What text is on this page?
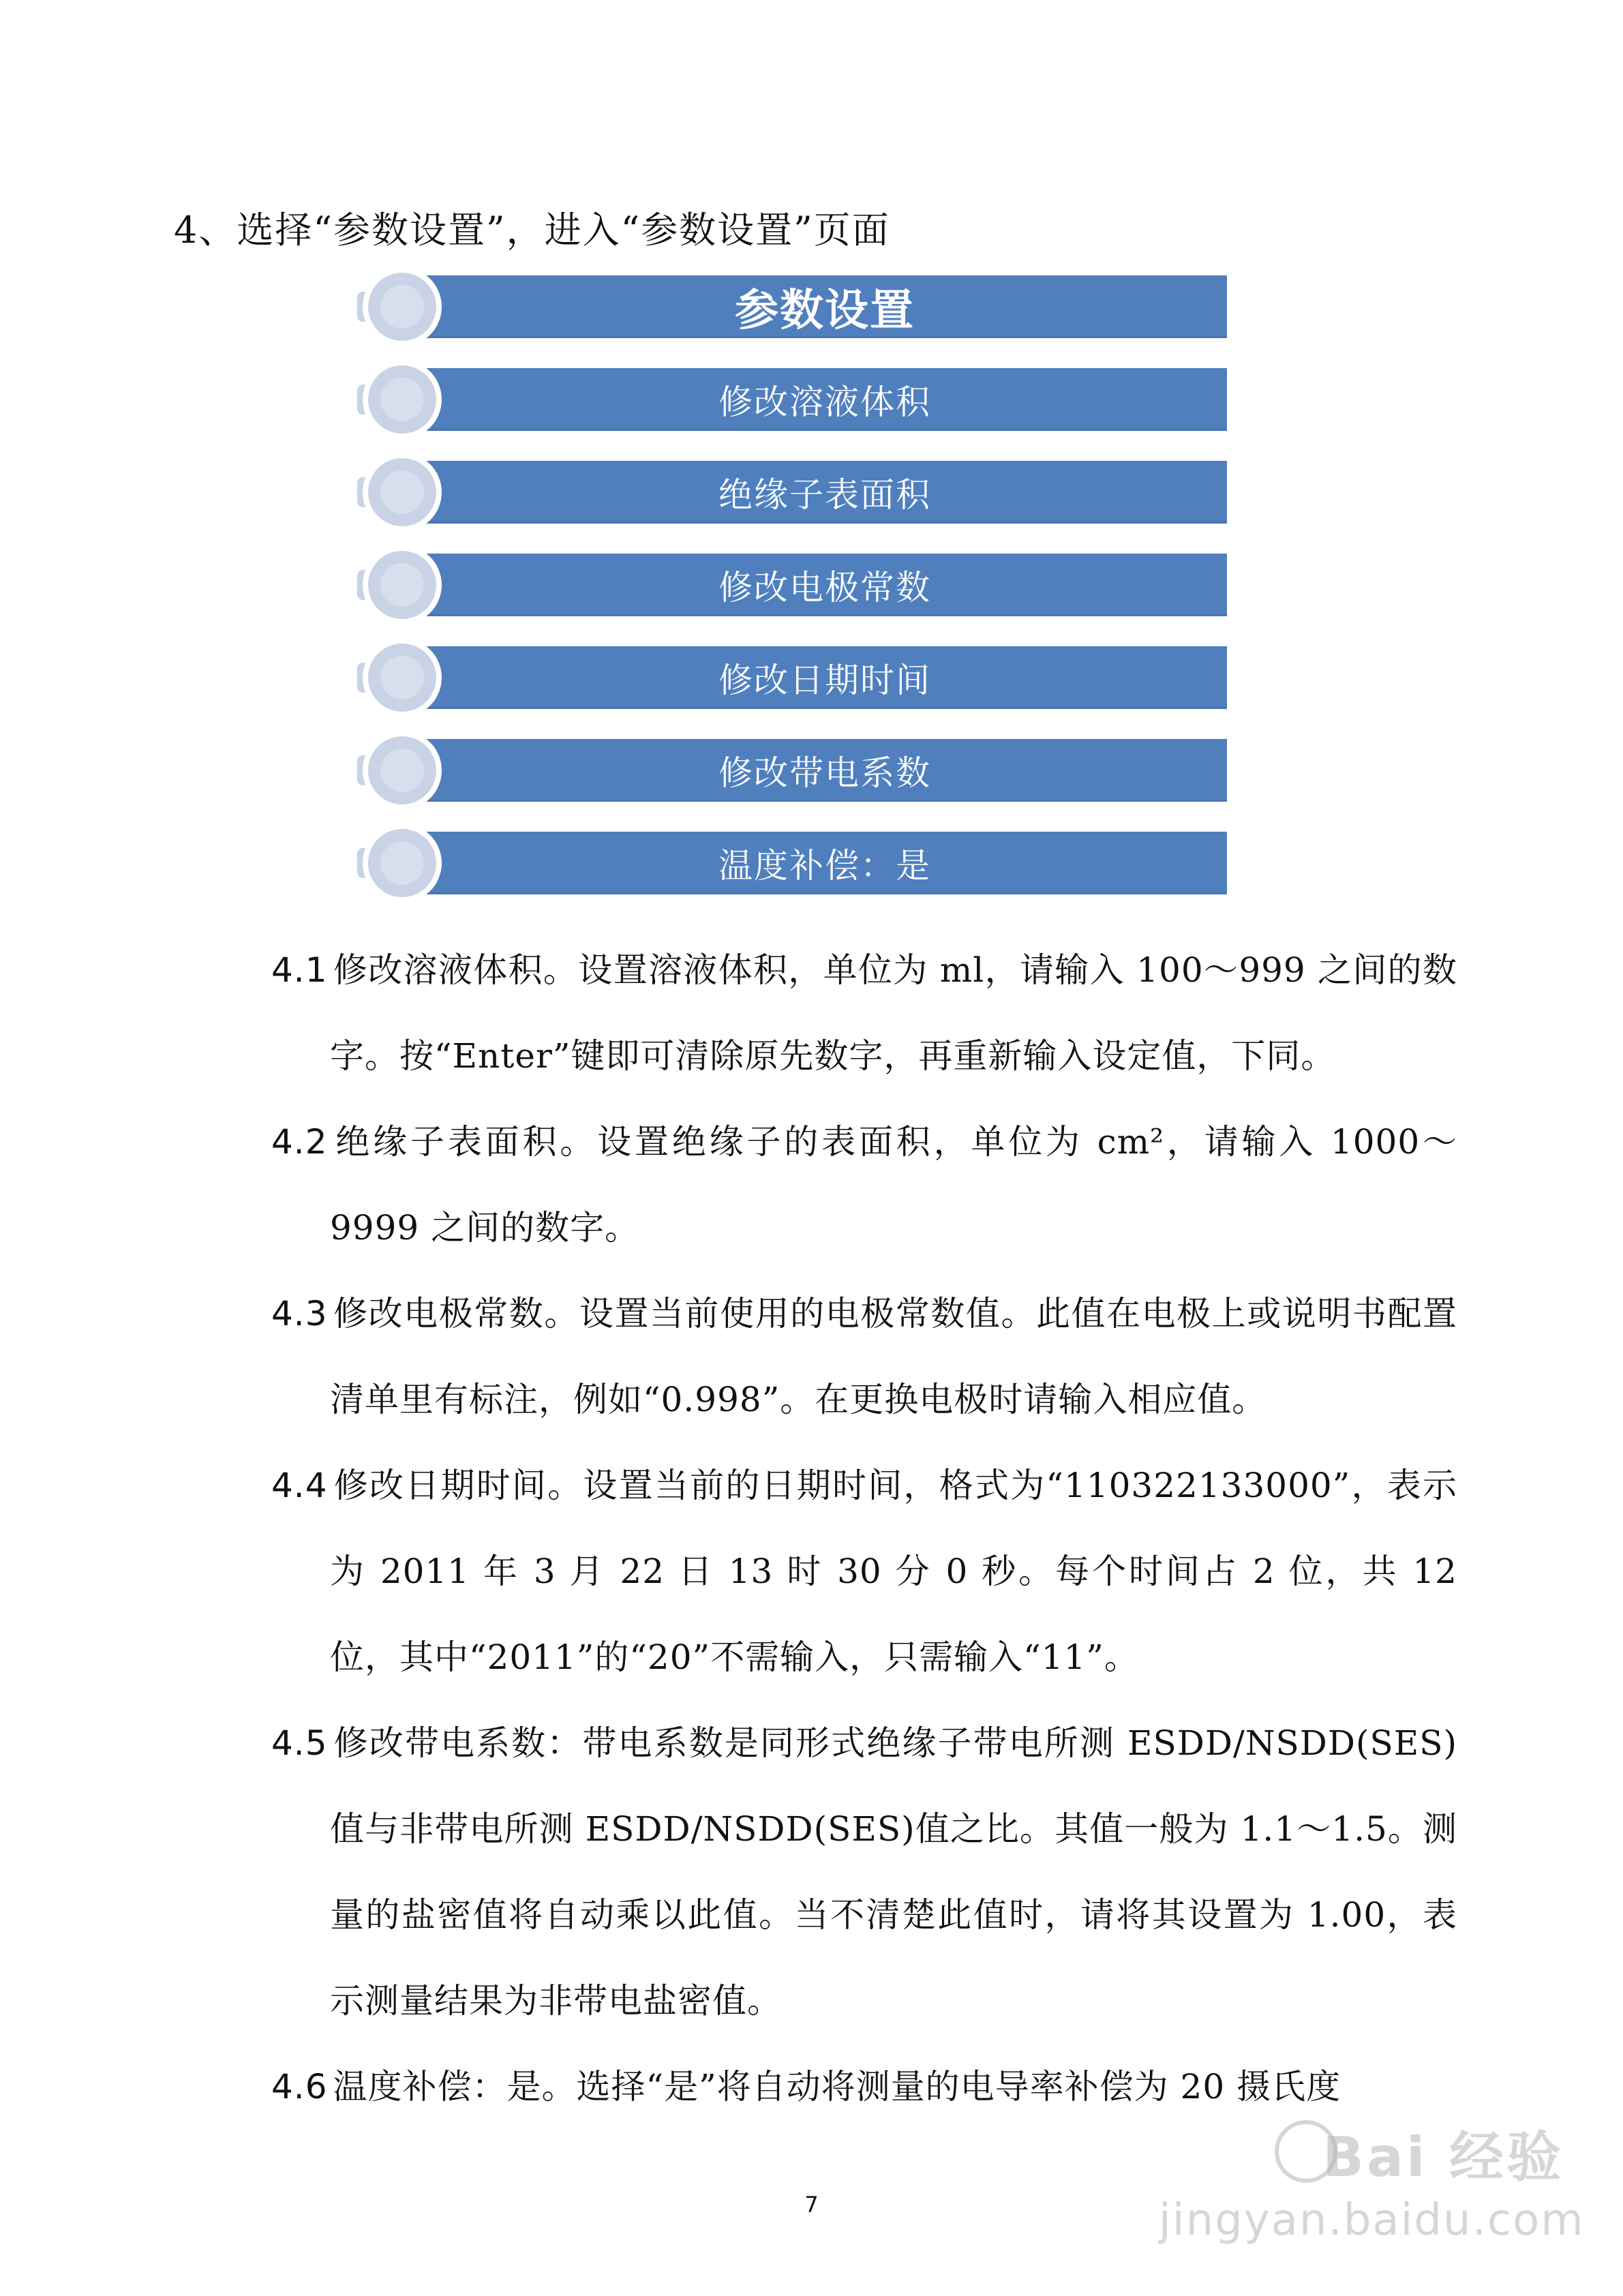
4、选择“参数设置”，进入“参数设置”页面
参数设置
修改溶液体积
绝缘子表面积
修改电极常数
修改日期时间
修改带电系数
温度补偿：是
4.1 修改溶液体积。设置溶液体积，单位为 ml，请输入 100～999 之间的数字。按“Enter”键即可清除原先数字，再重新输入设定值，下同。
4.2 绝缘子表面积。设置绝缘子的表面积，单位为 cm²，请输入 1000～9999 之间的数字。
4.3 修改电极常数。设置当前使用的电极常数值。此值在电极上或说明书配置清单里有标注，例如“0.998”。在更换电极时请输入相应值。
4.4 修改日期时间。设置当前的日期时间，格式为“110322133000”，表示为 2011 年 3 月 22 日 13 时 30 分 0 秒。每个时间占 2 位，共 12 位，其中“2011”的“20”不需输入，只需输入“11”。
4.5 修改带电系数：带电系数是同形式绝缘子带电所测 ESDD/NSDD(SES)值与非带电所测 ESDD/NSDD(SES)值之比。其值一般为 1.1～1.5。测量的盐密值将自动乘以此值。当不清楚此值时，请将其设置为 1.00，表示测量结果为非带电盐密值。
4.6 温度补偿：是。选择“是”将自动将测量的电导率补偿为 20 摄氏度
7
Bai 经验
jingyan.baidu.com
